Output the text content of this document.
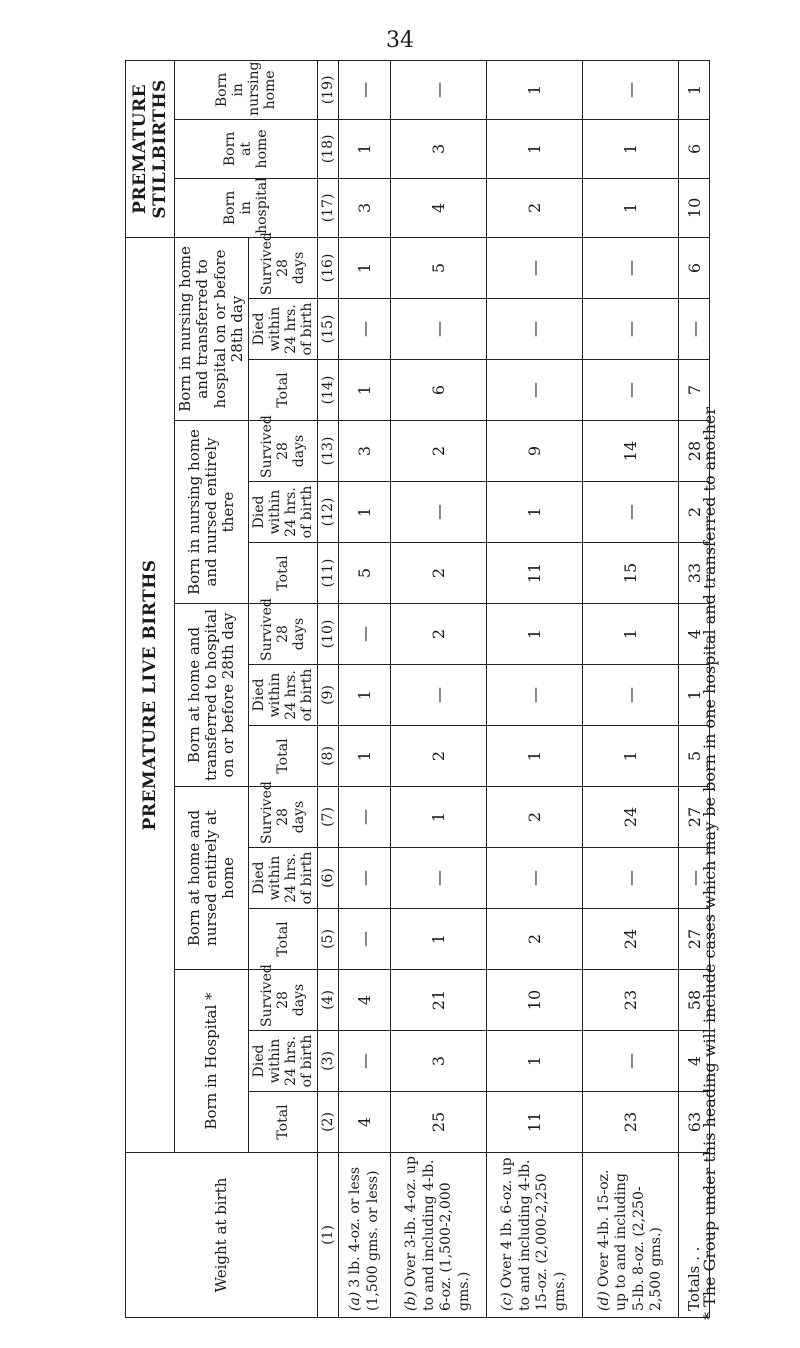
34
Weight at birth	PREMATURE LIVE BIRTHS															PREMATURE STILLBIRTHS		
	Born in Hospital *			Born at home and nursed entirely at home			Born at home and transferred to hospital on or before 28th day			Born in nursing home and nursed entirely there			Born in nursing home and transferred to hospital on or before 28th day			Born in hospital	Born at home	Born in nursing home
	Total	Died within 24 hrs. of birth	Survived 28 days	Total	Died within 24 hrs. of birth	Survived 28 days	Total	Died within 24 hrs. of birth	Survived 28 days	Total	Died within 24 hrs. of birth	Survived 28 days	Total	Died within 24 hrs. of birth	Survived 28 days			
(1)	(2)	(3)	(4)	(5)	(6)	(7)	(8)	(9)	(10)	(11)	(12)	(13)	(14)	(15)	(16)	(17)	(18)	(19)
(a)3 lb. 4-oz. or less (1,500 gms. or less)	4	—	4	—	—	—	1	1	—	5	1	3	1	—	1	3	1	—
(b)Over 3-lb. 4-oz. up to and including 4-lb. 6-oz. (1,500-2,000 gms.)	25	3	21	1	—	1	2	—	2	2	—	2	6	—	5	4	3	—
(c)Over 4 lb. 6-oz. up to and including 4-lb. 15-oz. (2,000-2,250 gms.)	11	1	10	2	—	2	1	—	1	11	1	9	—	—	—	2	1	1
(d)Over 4-lb. 15-oz. up to and including 5-lb. 8-oz. (2,250-2,500 gms.)	23	—	23	24	—	24	1	—	1	15	—	14	—	—	—	1	1	—
Totals . .	63	4	58	27	—	27	5	1	4	33	2	28	7	—	6	10	6	1
* The Group under this heading will include cases which may be born in one hospital and transferred to another
